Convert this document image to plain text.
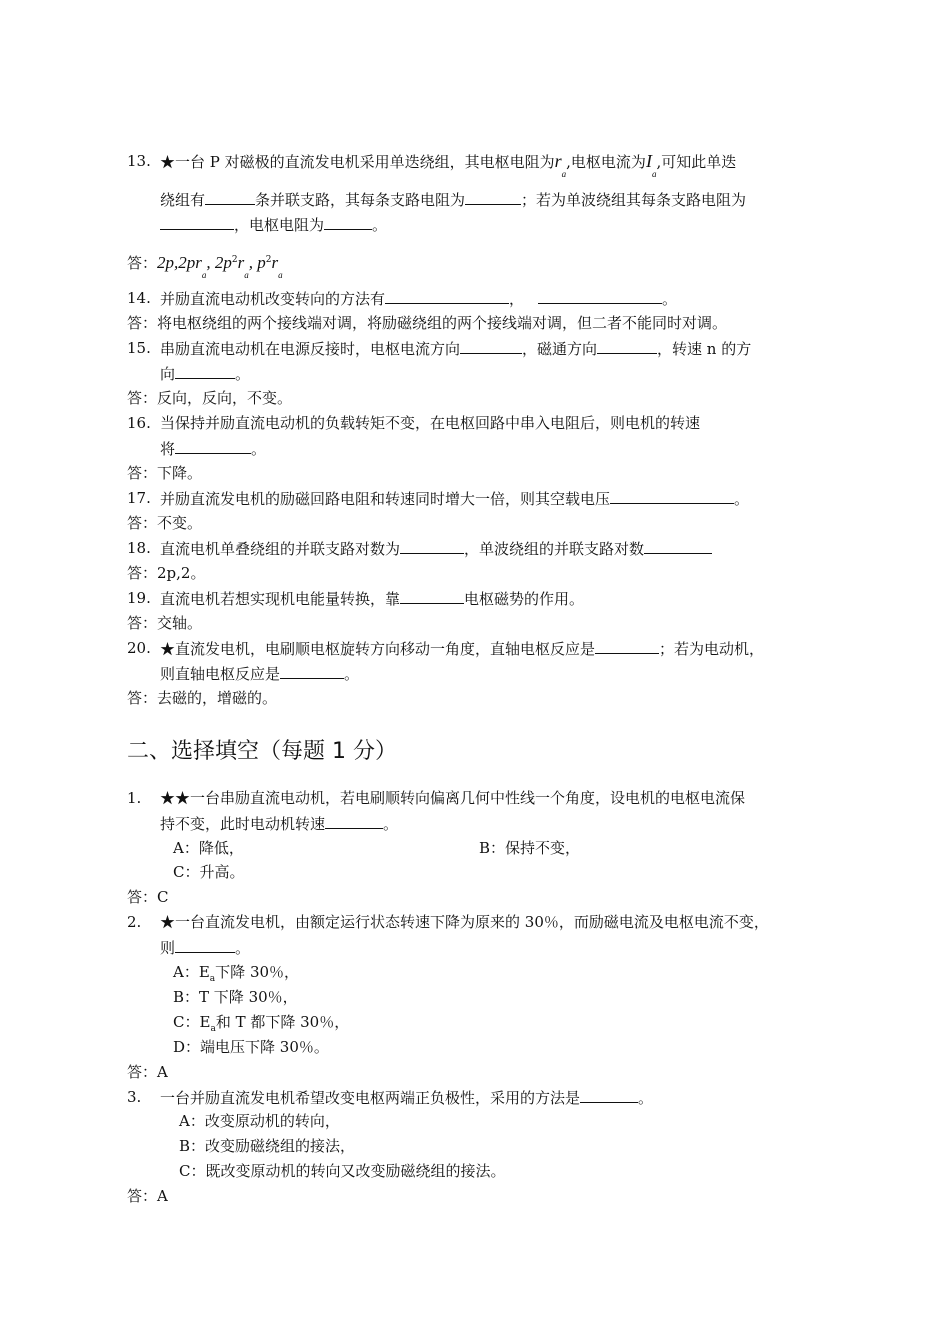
13. ★一台 P 对磁极的直流发电机采用单迭绕组，其电枢电阻为$r_a$,电枢电流为$I_a$,可知此单迭
绕组有	条并联支路，其每条支路电阻为	；若为单波绕组其每条支路电阻为
，电枢电阻为	。
答：$2p,2pr_a$, $2p^2r_a$, $p^2r_a$
14. 并励直流电动机改变转向的方法有	，	。
答：将电枢绕组的两个接线端对调，将励磁绕组的两个接线端对调，但二者不能同时对调。
15. 串励直流电动机在电源反接时，电枢电流方向	，磁通方向	，转速 n 的方
向	。
答：反向，反向，不变。
16. 当保持并励直流电动机的负载转矩不变，在电枢回路中串入电阻后，则电机的转速
将	。
答：下降。
17. 并励直流发电机的励磁回路电阻和转速同时增大一倍，则其空载电压	。
答：不变。
18. 直流电机单叠绕组的并联支路对数为	，单波绕组的并联支路对数
答：2p,2。
19. 直流电机若想实现机电能量转换，靠	电枢磁势的作用。
答：交轴。
20. ★直流发电机，电刷顺电枢旋转方向移动一角度，直轴电枢反应是	；若为电动机，
则直轴电枢反应是	。
答：去磁的，增磁的。
二、选择填空（每题 1 分）
1.	★★一台串励直流电动机，若电刷顺转向偏离几何中性线一个角度，设电机的电枢电流保
持不变，此时电动机转速	。
A：降低，	B：保持不变，
C：升高。
答：C
2.	★一台直流发电机，由额定运行状态转速下降为原来的 30％，而励磁电流及电枢电流不变，
则	。
A：$E_a$下降 30％，
B：T 下降 30％，
C：$E_a$和 T 都下降 30％，
D：端电压下降 30％。
答：A
3.	一台并励直流发电机希望改变电枢两端正负极性，采用的方法是	。
A：改变原动机的转向，
B：改变励磁绕组的接法，
C：既改变原动机的转向又改变励磁绕组的接法。
答：A
